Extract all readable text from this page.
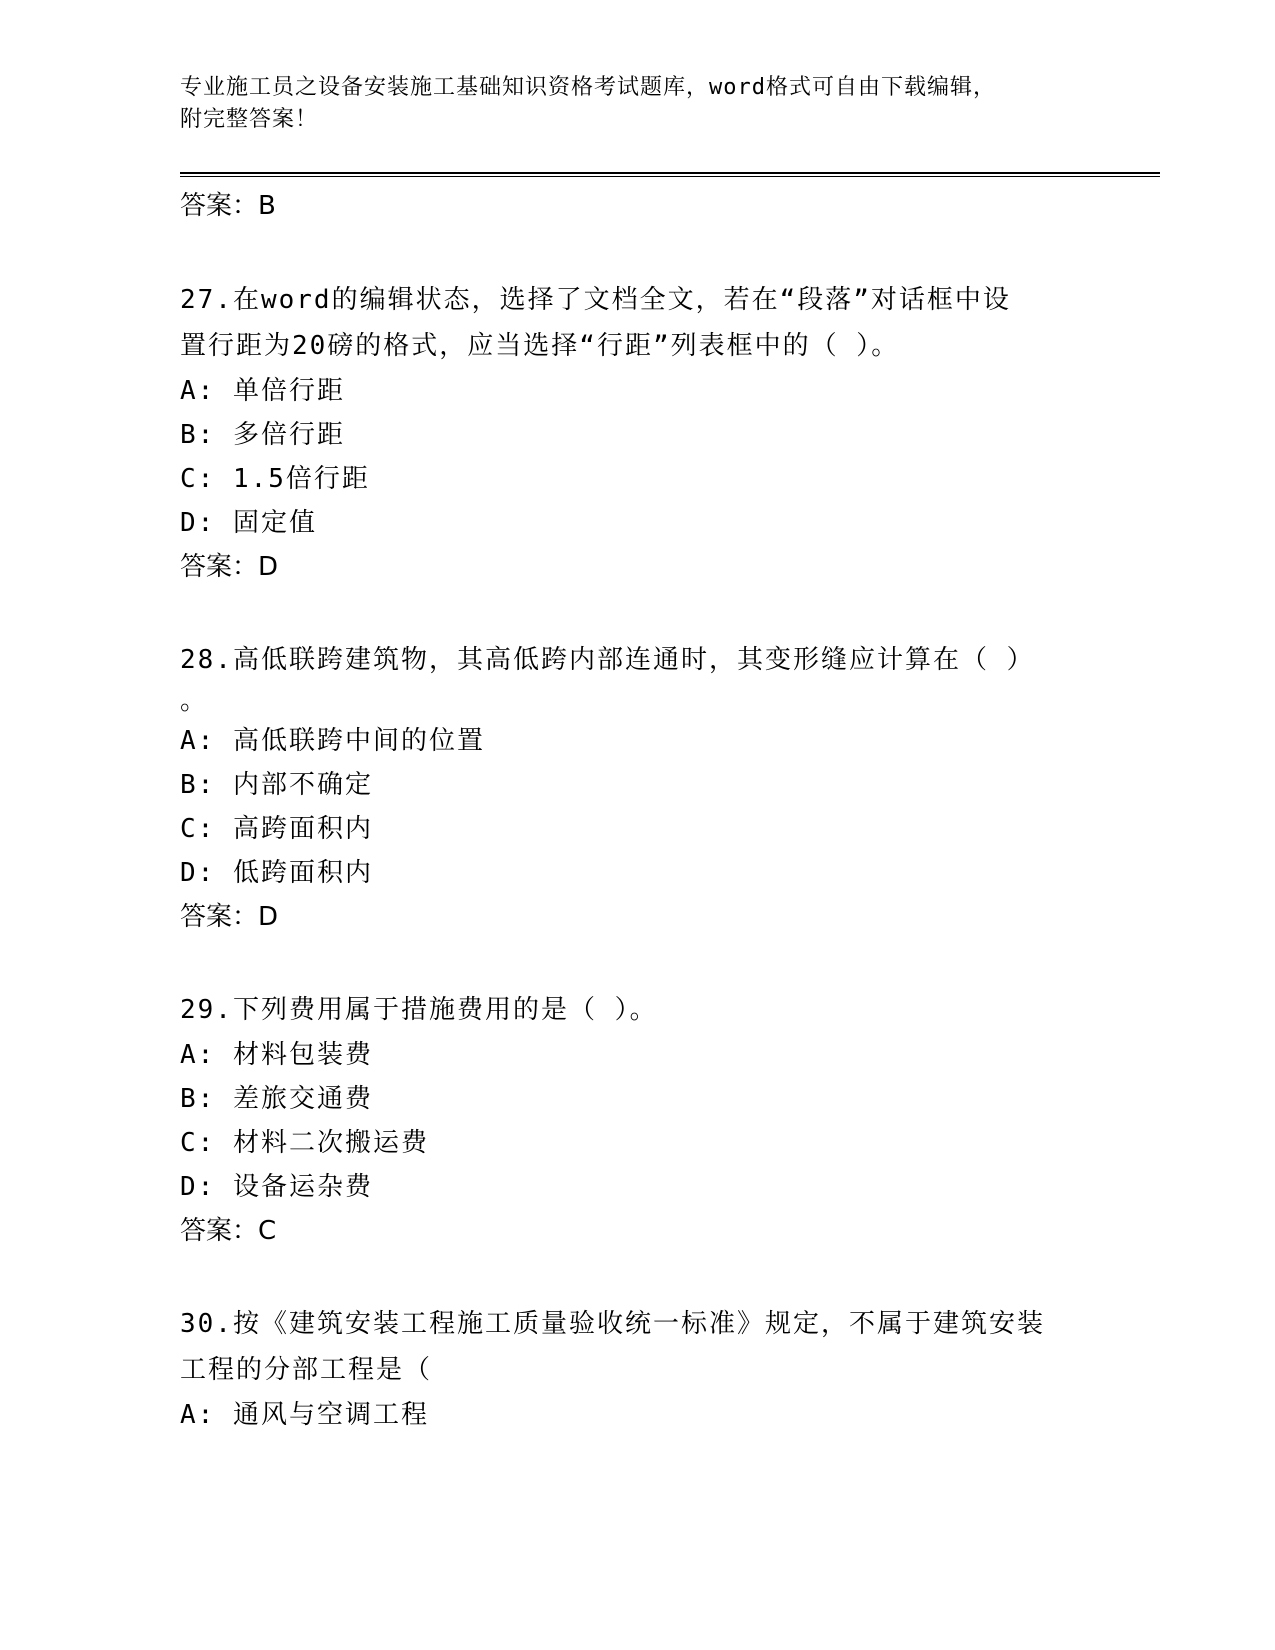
专业施工员之设备安装施工基础知识资格考试题库，word格式可自由下载编辑，

附完整答案！

答案：B

27.在word的编辑状态，选择了文档全文，若在“段落”对话框中设

置行距为20磅的格式，应当选择“行距”列表框中的（ ）。

A: 单倍行距

B: 多倍行距

C: 1.5倍行距

D: 固定值

答案：D

28.高低联跨建筑物，其高低跨内部连通时，其变形缝应计算在（ ）

。

A: 高低联跨中间的位置

B: 内部不确定

C: 高跨面积内

D: 低跨面积内

答案：D

29.下列费用属于措施费用的是（ ）。

A: 材料包装费

B: 差旅交通费

C: 材料二次搬运费

D: 设备运杂费

答案：C

30.按《建筑安装工程施工质量验收统一标准》规定，不属于建筑安装

工程的分部工程是（

A: 通风与空调工程
